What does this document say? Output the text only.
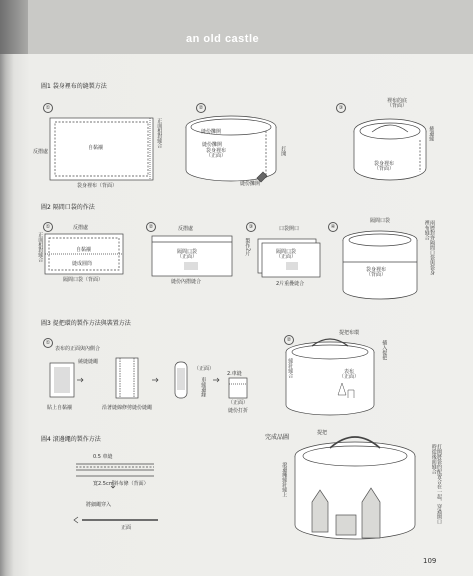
an old castle
圖1 袋身裡布的縫製方法
①	②	③
自黏襯
反摺處
正面相對縫合
袋身裡布（背面）
縫份攤開
袋身裡布
（正面）	打開
縫份攤開
縫份攤開
裡布的底
（背面）
捲邊縫
袋身裡布
（背面）
圖2 隔間口袋的作法
①	②	③	④
反摺處
正面相對縫合	自黏襯
縫成圓筒
隔間口袋（背面）
反摺處
隔間口袋
（正面）
製作2片
縫份內摺縫合
口袋開口
隔間口袋
（正面）
2片重疊縫合
隔間口袋	兩層對齊隔間口袋與袋身裡布縫合
袋身裡布
（背面）
圖3 提把環的製作方法與裝置方法
①	②
表布的正面與內側合
繞縫縫繩
貼上自黏襯	沿著縫線修剪縫份縫繩
（正面）
車縫邊緣
2.車縫
（正面）
縫份打折
提把布環
插入提把
縫針縫合	表布
（正面）
圖4 滾邊繩的製作方法
0.5 車縫
寬2.5cm斜布條（背面）
將細繩穿入
正面
完成品圖
提把
打開將袋的配置合在一起，穿過開口時從後面縫合
滾邊繩縫針縫上
109
